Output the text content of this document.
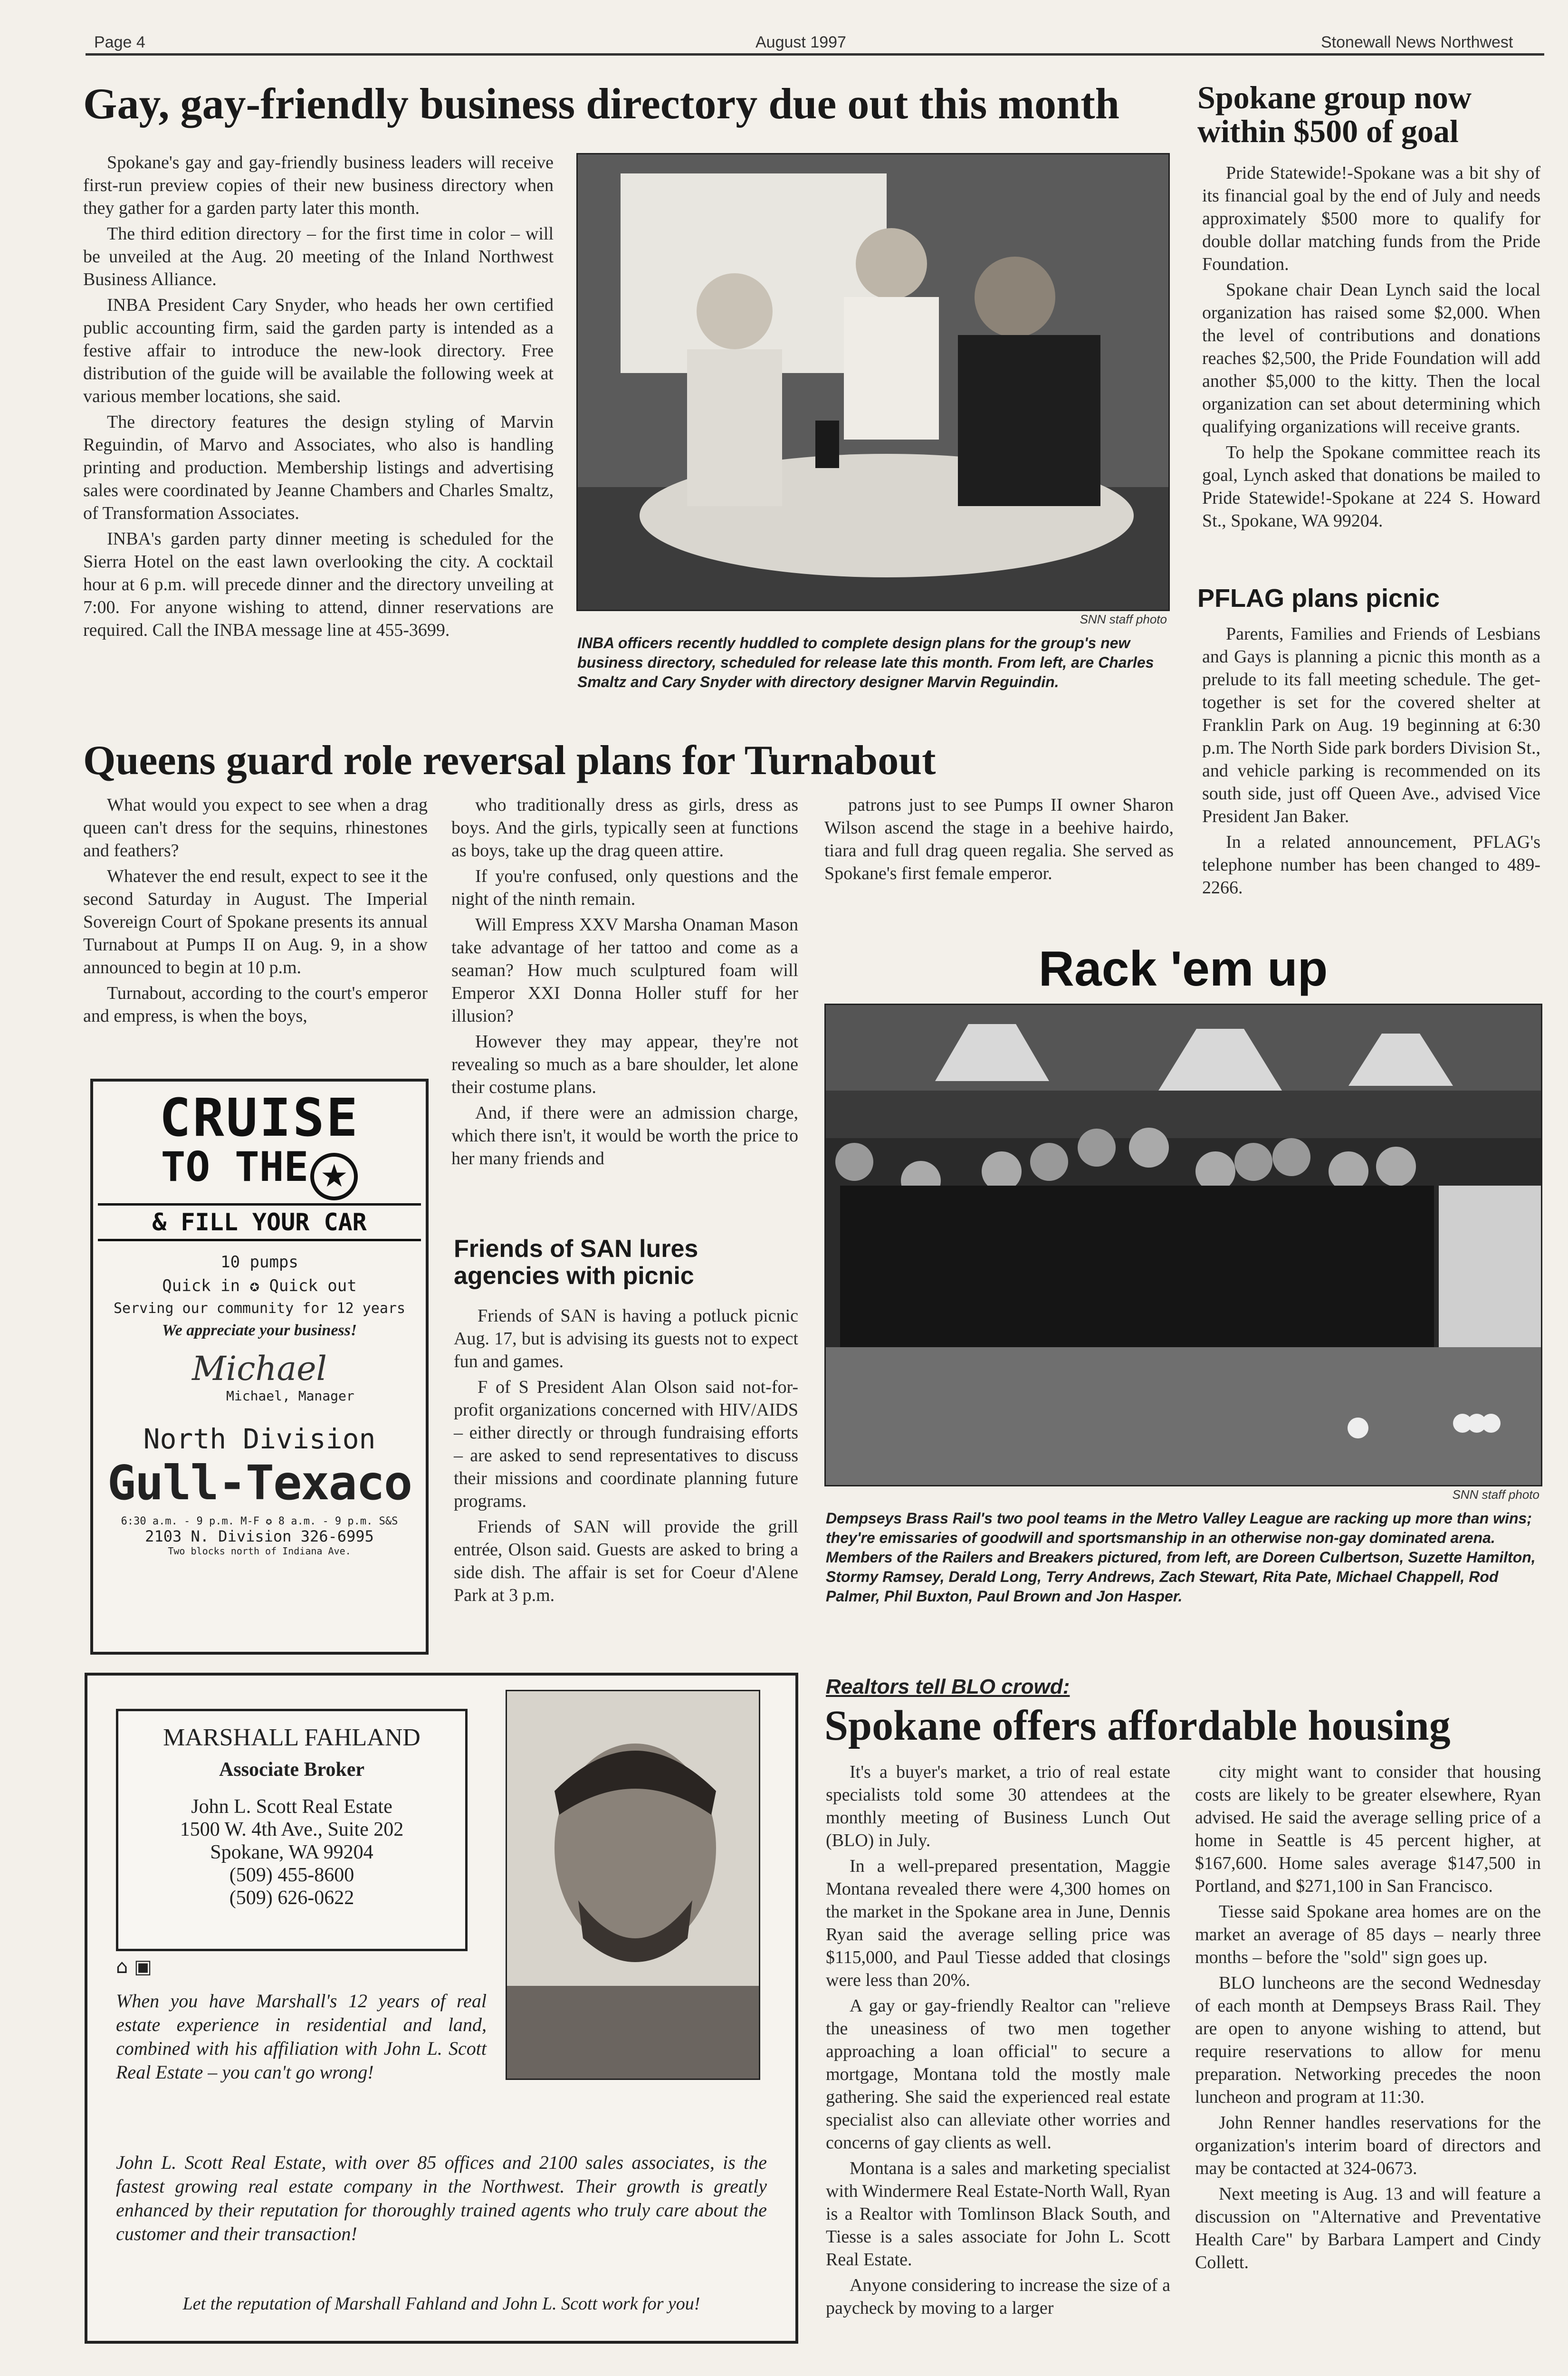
Page 4	August 1997	Stonewall News Northwest
Gay, gay-friendly business directory due out this month

Spokane's gay and gay-friendly business leaders will receive first-run preview copies of their new business directory when they gather for a garden party later this month.

The third edition directory – for the first time in color – will be unveiled at the Aug. 20 meeting of the Inland Northwest Business Alliance.

INBA President Cary Snyder, who heads her own certified public accounting firm, said the garden party is intended as a festive affair to introduce the new-look directory. Free distribution of the guide will be available the following week at various member locations, she said.

The directory features the design styling of Marvin Reguindin, of Marvo and Associates, who also is handling printing and production. Membership listings and advertising sales were coordinated by Jeanne Chambers and Charles Smaltz, of Transformation Associates.

INBA's garden party dinner meeting is scheduled for the Sierra Hotel on the east lawn overlooking the city. A cocktail hour at 6 p.m. will precede dinner and the directory unveiling at 7:00. For anyone wishing to attend, dinner reservations are required. Call the INBA message line at 455-3699.

SNN staff photo
INBA officers recently huddled to complete design plans for the group's new business directory, scheduled for release late this month. From left, are Charles Smaltz and Cary Snyder with directory designer Marvin Reguindin.
Spokane group now within $500 of goal

Pride Statewide!-Spokane was a bit shy of its financial goal by the end of July and needs approximately $500 more to qualify for double dollar matching funds from the Pride Foundation.

Spokane chair Dean Lynch said the local organization has raised some $2,000. When the level of contributions and donations reaches $2,500, the Pride Foundation will add another $5,000 to the kitty. Then the local organization can set about determining which qualifying organizations will receive grants.

To help the Spokane committee reach its goal, Lynch asked that donations be mailed to Pride Statewide!-Spokane at 224 S. Howard St., Spokane, WA 99204.

PFLAG plans picnic

Parents, Families and Friends of Lesbians and Gays is planning a picnic this month as a prelude to its fall meeting schedule. The get-together is set for the covered shelter at Franklin Park on Aug. 19 beginning at 6:30 p.m. The North Side park borders Division St., and vehicle parking is recommended on its south side, just off Queen Ave., advised Vice President Jan Baker.

In a related announcement, PFLAG's telephone number has been changed to 489-2266.

Queens guard role reversal plans for Turnabout

What would you expect to see when a drag queen can't dress for the sequins, rhinestones and feathers?

Whatever the end result, expect to see it the second Saturday in August. The Imperial Sovereign Court of Spokane presents its annual Turnabout at Pumps II on Aug. 9, in a show announced to begin at 10 p.m.

Turnabout, according to the court's emperor and empress, is when the boys,

who traditionally dress as girls, dress as boys. And the girls, typically seen at functions as boys, take up the drag queen attire.

If you're confused, only questions and the night of the ninth remain.

Will Empress XXV Marsha Onaman Mason take advantage of her tattoo and come as a seaman? How much sculptured foam will Emperor XXI Donna Holler stuff for her illusion?

However they may appear, they're not revealing so much as a bare shoulder, let alone their costume plans.

And, if there were an admission charge, which there isn't, it would be worth the price to her many friends and

patrons just to see Pumps II owner Sharon Wilson ascend the stage in a beehive hairdo, tiara and full drag queen regalia. She served as Spokane's first female emperor.

CRUISE
TO THE ★
& FILL YOUR CAR
10 pumps
Quick in ✪ Quick out
Serving our community for 12 years
We appreciate your business!
Michael
Michael, Manager
North Division
Gull-Texaco
6:30 a.m. - 9 p.m. M-F ✪ 8 a.m. - 9 p.m. S&S
2103 N. Division 326-6995
Two blocks north of Indiana Ave.
Friends of SAN lures agencies with picnic

Friends of SAN is having a potluck picnic Aug. 17, but is advising its guests not to expect fun and games.

F of S President Alan Olson said not-for-profit organizations concerned with HIV/AIDS – either directly or through fundraising efforts – are asked to send representatives to discuss their missions and coordinate planning future programs.

Friends of SAN will provide the grill entrée, Olson said. Guests are asked to bring a side dish. The affair is set for Coeur d'Alene Park at 3 p.m.

Rack 'em up
SNN staff photo
Dempseys Brass Rail's two pool teams in the Metro Valley League are racking up more than wins; they're emissaries of goodwill and sportsmanship in an otherwise non-gay dominated arena. Members of the Railers and Breakers pictured, from left, are Doreen Culbertson, Suzette Hamilton, Stormy Ramsey, Derald Long, Terry Andrews, Zach Stewart, Rita Pate, Michael Chappell, Rod Palmer, Phil Buxton, Paul Brown and Jon Hasper.
MARSHALL FAHLAND
Associate Broker
John L. Scott Real Estate
1500 W. 4th Ave., Suite 202
Spokane, WA 99204
(509) 455-8600
(509) 626-0622
⌂ ▣
When you have Marshall's 12 years of real estate experience in residential and land, combined with his affiliation with John L. Scott Real Estate – you can't go wrong!
John L. Scott Real Estate, with over 85 offices and 2100 sales associates, is the fastest growing real estate company in the Northwest. Their growth is greatly enhanced by their reputation for thoroughly trained agents who truly care about the customer and their transaction!
Let the reputation of Marshall Fahland and John L. Scott work for you!
Realtors tell BLO crowd:
Spokane offers affordable housing

It's a buyer's market, a trio of real estate specialists told some 30 attendees at the monthly meeting of Business Lunch Out (BLO) in July.

In a well-prepared presentation, Maggie Montana revealed there were 4,300 homes on the market in the Spokane area in June, Dennis Ryan said the average selling price was $115,000, and Paul Tiesse added that closings were less than 20%.

A gay or gay-friendly Realtor can "relieve the uneasiness of two men together approaching a loan official" to secure a mortgage, Montana told the mostly male gathering. She said the experienced real estate specialist also can alleviate other worries and concerns of gay clients as well.

Montana is a sales and marketing specialist with Windermere Real Estate-North Wall, Ryan is a Realtor with Tomlinson Black South, and Tiesse is a sales associate for John L. Scott Real Estate.

Anyone considering to increase the size of a paycheck by moving to a larger

city might want to consider that housing costs are likely to be greater elsewhere, Ryan advised. He said the average selling price of a home in Seattle is 45 percent higher, at $167,600. Home sales average $147,500 in Portland, and $271,100 in San Francisco.

Tiesse said Spokane area homes are on the market an average of 85 days – nearly three months – before the "sold" sign goes up.

BLO luncheons are the second Wednesday of each month at Dempseys Brass Rail. They are open to anyone wishing to attend, but require reservations to allow for menu preparation. Networking precedes the noon luncheon and program at 11:30.

John Renner handles reservations for the organization's interim board of directors and may be contacted at 324-0673.

Next meeting is Aug. 13 and will feature a discussion on "Alternative and Preventative Health Care" by Barbara Lampert and Cindy Collett.
